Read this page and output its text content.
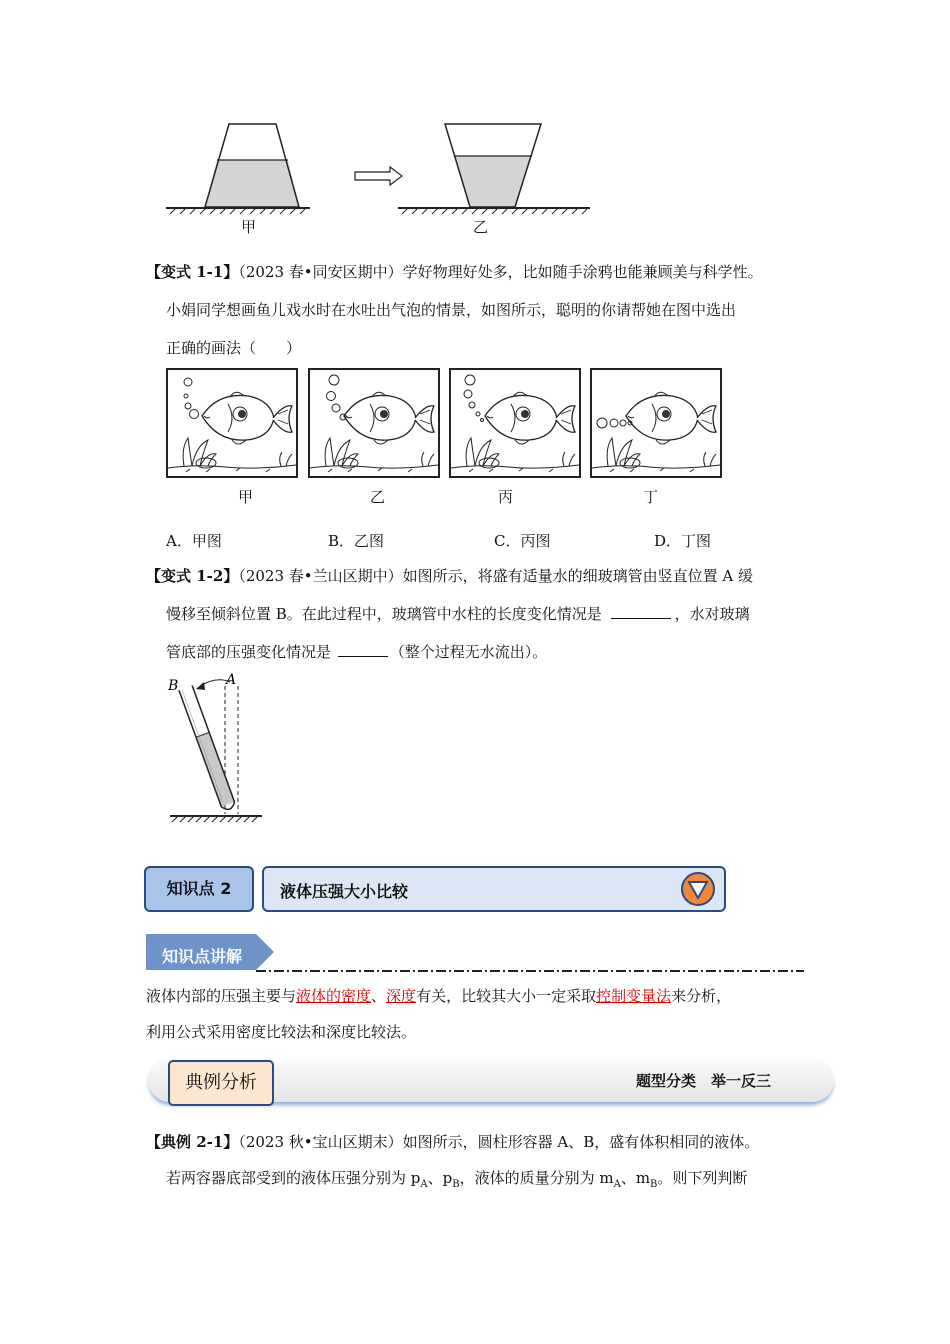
甲	乙
【变式 1-1】（2023 春•同安区期中）学好物理好处多，比如随手涂鸦也能兼顾美与科学性。
小娟同学想画鱼儿戏水时在水吐出气泡的情景，如图所示，聪明的你请帮她在图中选出
正确的画法（　　）
甲	乙	丙	丁
A．甲图	B．乙图	C．丙图	D．丁图
【变式 1-2】（2023 春•兰山区期中）如图所示，将盛有适量水的细玻璃管由竖直位置 A 缓
慢移至倾斜位置 B。在此过程中，玻璃管中水柱的长度变化情况是	，水对玻璃
管底部的压强变化情况是	（整个过程无水流出）。
B	A
知识点 2	液体压强大小比较
知识点讲解
液体内部的压强主要与液体的密度、深度有关，比较其大小一定采取控制变量法来分析，
利用公式采用密度比较法和深度比较法。
典例分析	题型分类　举一反三
【典例 2-1】（2023 秋•宝山区期末）如图所示，圆柱形容器 A、B，盛有体积相同的液体。
若两容器底部受到的液体压强分别为 $p_A$、$p_B$，液体的质量分别为 $m_A$、$m_B$。则下列判断
